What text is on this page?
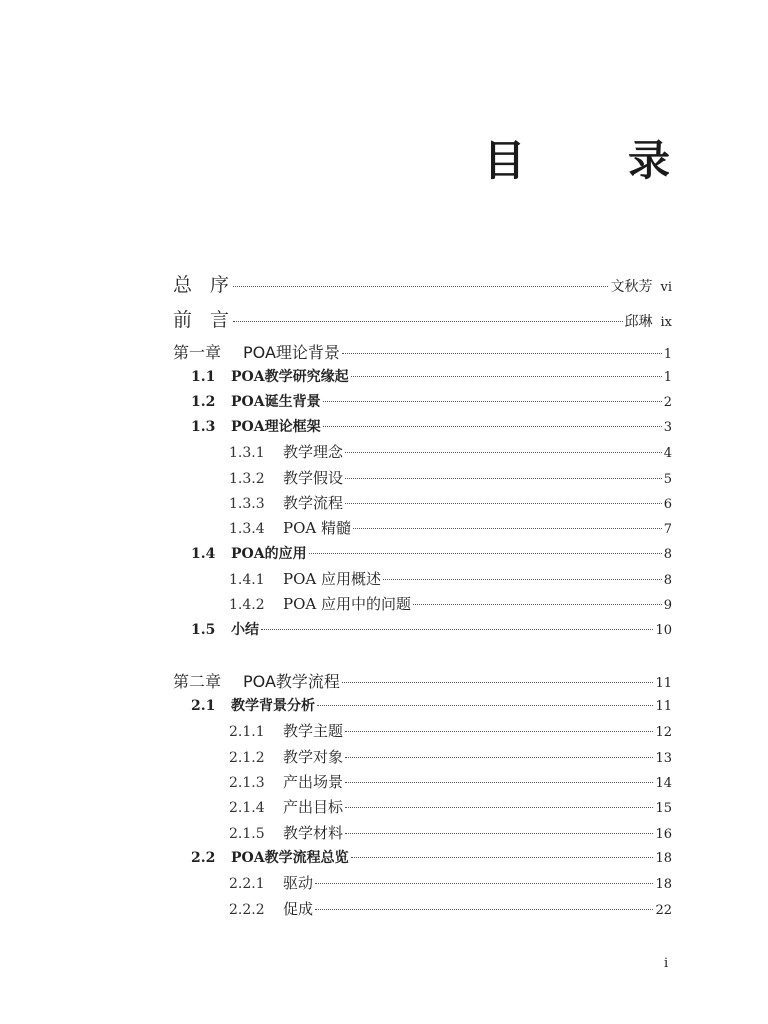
目 录
总序	文秋芳 vi
前言	邱琳 ix
第一章	POA理论背景	1
1.1	POA教学研究缘起	1
1.2	POA诞生背景	2
1.3	POA理论框架	3
1.3.1	教学理念	4
1.3.2	教学假设	5
1.3.3	教学流程	6
1.3.4	POA 精髓	7
1.4	POA的应用	8
1.4.1	POA 应用概述	8
1.4.2	POA 应用中的问题	9
1.5	小结	10
第二章	POA教学流程	11
2.1	教学背景分析	11
2.1.1	教学主题	12
2.1.2	教学对象	13
2.1.3	产出场景	14
2.1.4	产出目标	15
2.1.5	教学材料	16
2.2	POA教学流程总览	18
2.2.1	驱动	18
2.2.2	促成	22
i
